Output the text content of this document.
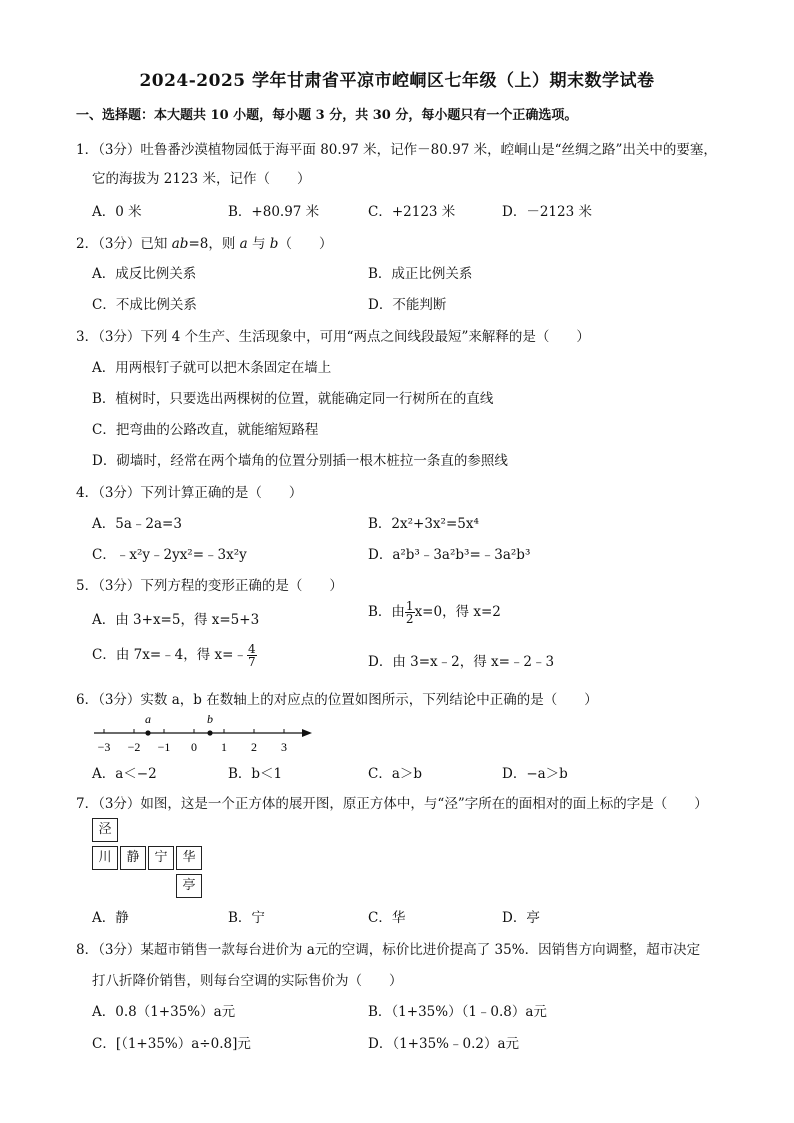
2024-2025 学年甘肃省平凉市崆峒区七年级（上）期末数学试卷
一、选择题：本大题共 10 小题，每小题 3 分，共 30 分，每小题只有一个正确选项。
1．（3分）吐鲁番沙漠植物园低于海平面 80.97 米，记作－80.97 米，崆峒山是“丝绸之路”出关中的要塞，
它的海拔为 2123 米，记作（　　）
A．0 米	B．+80.97 米	C．+2123 米	D．－2123 米
2．（3分）已知 ab=8，则 a 与 b（　　）
A．成反比例关系	B．成正比例关系
C．不成比例关系	D．不能判断
3．（3分）下列 4 个生产、生活现象中，可用“两点之间线段最短”来解释的是（　　）
A．用两根钉子就可以把木条固定在墙上
B．植树时，只要选出两棵树的位置，就能确定同一行树所在的直线
C．把弯曲的公路改直，就能缩短路程
D．砌墙时，经常在两个墙角的位置分别插一根木桩拉一条直的参照线
4．（3分）下列计算正确的是（　　）
A．5a﹣2a=3	B．2x²+3x²=5x⁴
C．﹣x²y﹣2yx²=﹣3x²y	D．a²b³﹣3a²b³=﹣3a²b³
5．（3分）下列方程的变形正确的是（　　）
A．由 3+x=5，得 x=5+3	B．由 $\frac{1}{2} x=0$，得 x=2
C．由 7x=﹣4，得 x=﹣ $\frac{4}{7}$	D．由 3=x﹣2，得 x=﹣2﹣3
6．（3分）实数 a，b 在数轴上的对应点的位置如图所示，下列结论中正确的是（　　）
−3 −2 −1 0 1 2 3
a	b
A．a＜−2	B．b＜1	C．a＞b	D．−a＞b
7．（3分）如图，这是一个正方体的展开图，原正方体中，与“泾”字所在的面相对的面上标的字是（　　）
泾
川	静	宁	华
亭
A．静	B．宁	C．华	D．亭
8．（3分）某超市销售一款每台进价为 a元的空调，标价比进价提高了 35%．因销售方向调整，超市决定
打八折降价销售，则每台空调的实际售价为（　　）
A．0.8（1+35%）a元	B．（1+35%）（1﹣0.8）a元
C．[（1+35%）a÷0.8]元	D．（1+35%﹣0.2）a元
